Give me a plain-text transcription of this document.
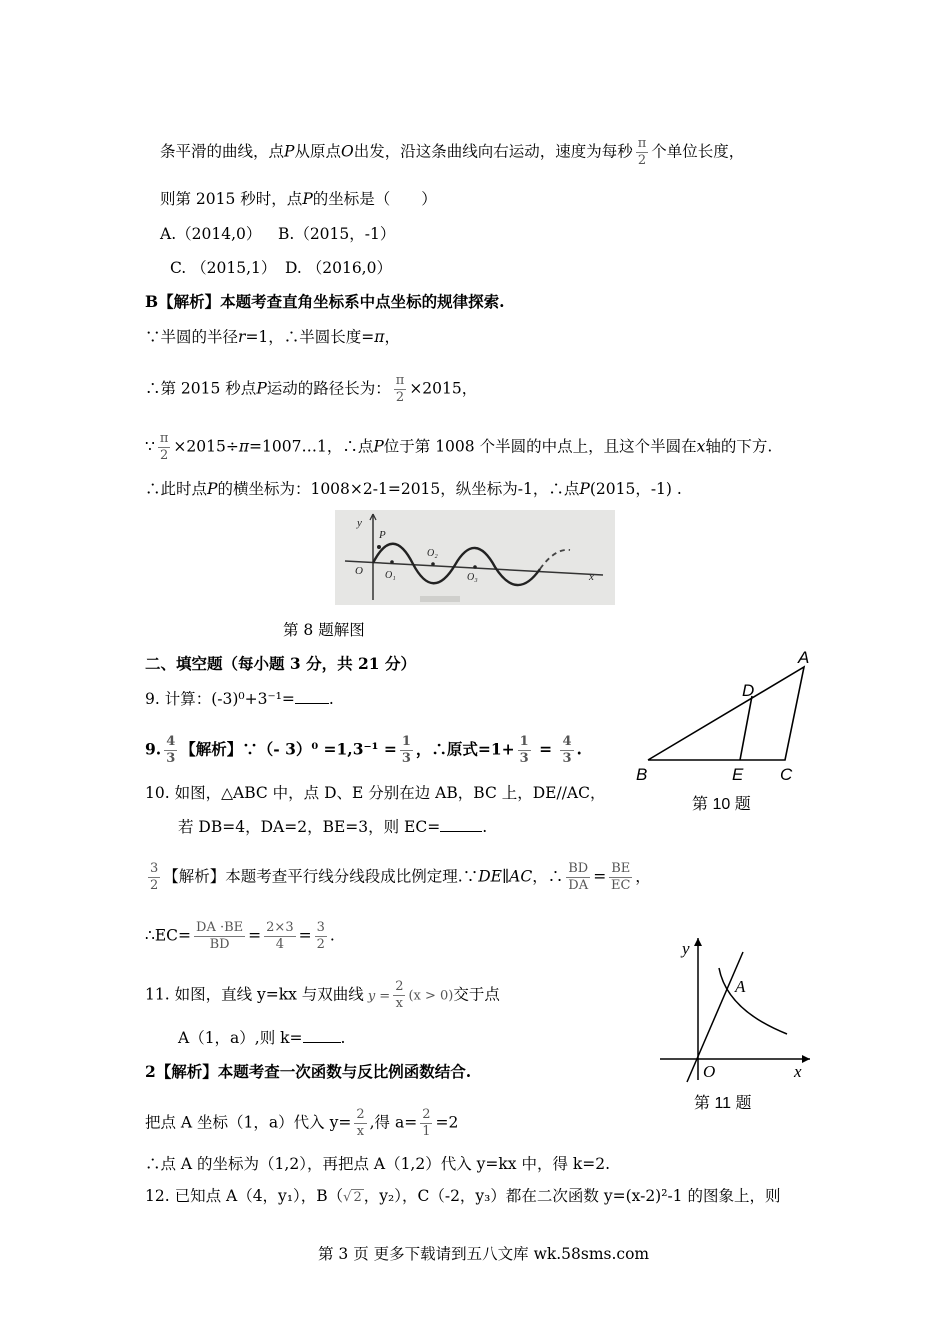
条平滑的曲线，点P从原点O出发，沿这条曲线向右运动，速度为每秒 $\frac{\pi}{2}$ 个单位长度，
则第 2015 秒时，点P的坐标是（　　）
A.（2014,0） B.（2015，-1）
C. （2015,1） D. （2016,0）
B【解析】本题考查直角坐标系中点坐标的规律探索.
∵半圆的半径r=1，∴半圆长度=π，
∴第 2015 秒点P运动的路径长为： $\frac{\pi}{2} \times 2015$，
∵ $\frac{\pi}{2}$ ×2015÷π=1007…1，∴点P位于第 1008 个半圆的中点上，且这个半圆在x轴的下方.
∴此时点P的横坐标为：1008×2-1=2015，纵坐标为-1，∴点P(2015，-1) .
y
P
O O₁
O₂
O₃	x
第 8 题解图
二、填空题（每小题 3 分，共 21 分）
9. 计算：(-3)⁰+3⁻¹= .
9. $\frac{4}{3}$ 【解析】∵（- $3)^0 =1,3^{-1} = \frac{1}{3}$ ，∴原式$=1+ \frac{1}{3} = \frac{4}{3}$ .
10. 如图，△ABC 中，点 D、E 分别在边 AB，BC 上，DE//AC，
若 DB=4，DA=2，BE=3，则 EC=	.
$\frac{3}{2}$ 【解析】本题考查平行线分线段成比例定理.∵DE∥AC，∴ $\frac{BD}{DA} = \frac{BE}{EC}$ ，
∴EC= $\frac{DA \cdot BE}{BD} = \frac{2\times 3}{4} = \frac{3}{2}$ .
A
D
B	E C
第 10 题
11. 如图，直线 y=kx 与双曲线 $y = \frac{2}{x} (x > 0)$交于点
A（1，a）,则 k= .
2【解析】本题考查一次函数与反比例函数结合.
把点 A 坐标（1，a）代入 $y= \frac{2}{x}$ ,得 $a= \frac{2}{1} =2$
∴点 A 的坐标为（1,2），再把点 A（1,2）代入 y=kx 中，得 k=2.
y
A
O	x
第 11 题
12. 已知点 A（4，y₁），B（√ 2 ，y₂），C（-2，y₃）都在二次函数 y=(x-2)²-1 的图象上，则
第 3 页 更多下载请到五八文库 wk.58sms.com
